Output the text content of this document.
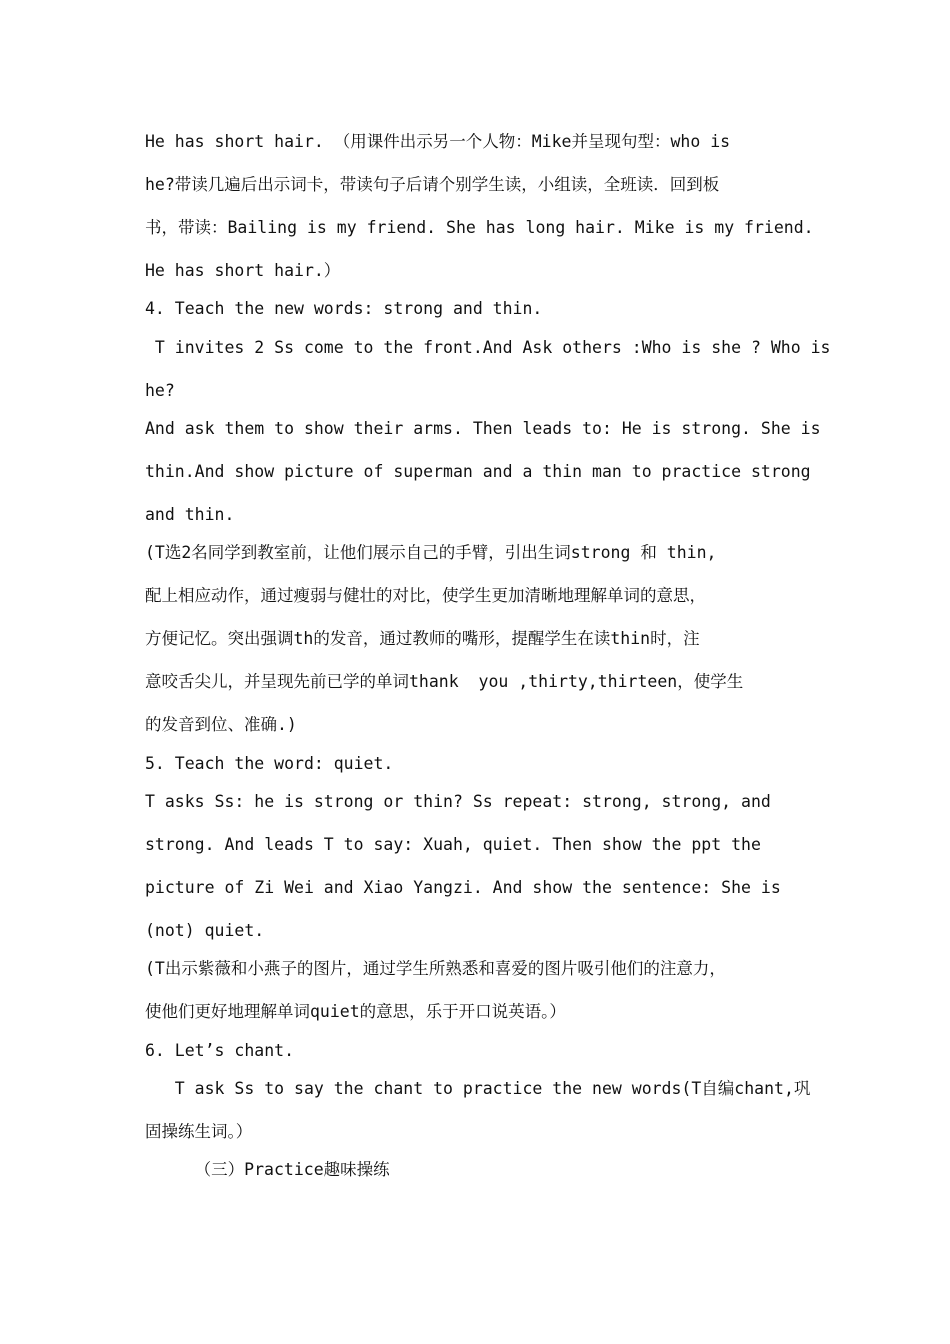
He has short hair. （用课件出示另一个人物：Mike并呈现句型：who is
he?带读几遍后出示词卡，带读句子后请个别学生读，小组读，全班读．回到板
书，带读：Bailing is my friend. She has long hair. Mike is my friend.
He has short hair.）
4. Teach the new words: strong and thin.
T invites 2 Ss come to the front.And Ask others :Who is she ? Who is
he?
And ask them to show their arms. Then leads to: He is strong. She is
thin.And show picture of superman and a thin man to practice strong
and thin.
(T选2名同学到教室前，让他们展示自己的手臂，引出生词strong 和 thin,
配上相应动作，通过瘦弱与健壮的对比，使学生更加清晰地理解单词的意思，
方便记忆。突出强调th的发音，通过教师的嘴形，提醒学生在读thin时，注
意咬舌尖儿，并呈现先前已学的单词thank  you ,thirty,thirteen，使学生
的发音到位、准确.)
5. Teach the word: quiet.
T asks Ss: he is strong or thin? Ss repeat: strong, strong, and
strong. And leads T to say: Xuah, quiet. Then show the ppt the
picture of Zi Wei and Xiao Yangzi. And show the sentence: She is
(not) quiet.
(T出示紫薇和小燕子的图片，通过学生所熟悉和喜爱的图片吸引他们的注意力，
使他们更好地理解单词quiet的意思，乐于开口说英语。）
6. Let’s chant.
T ask Ss to say the chant to practice the new words(T自编chant,巩
固操练生词。）
（三）Practice趣味操练
